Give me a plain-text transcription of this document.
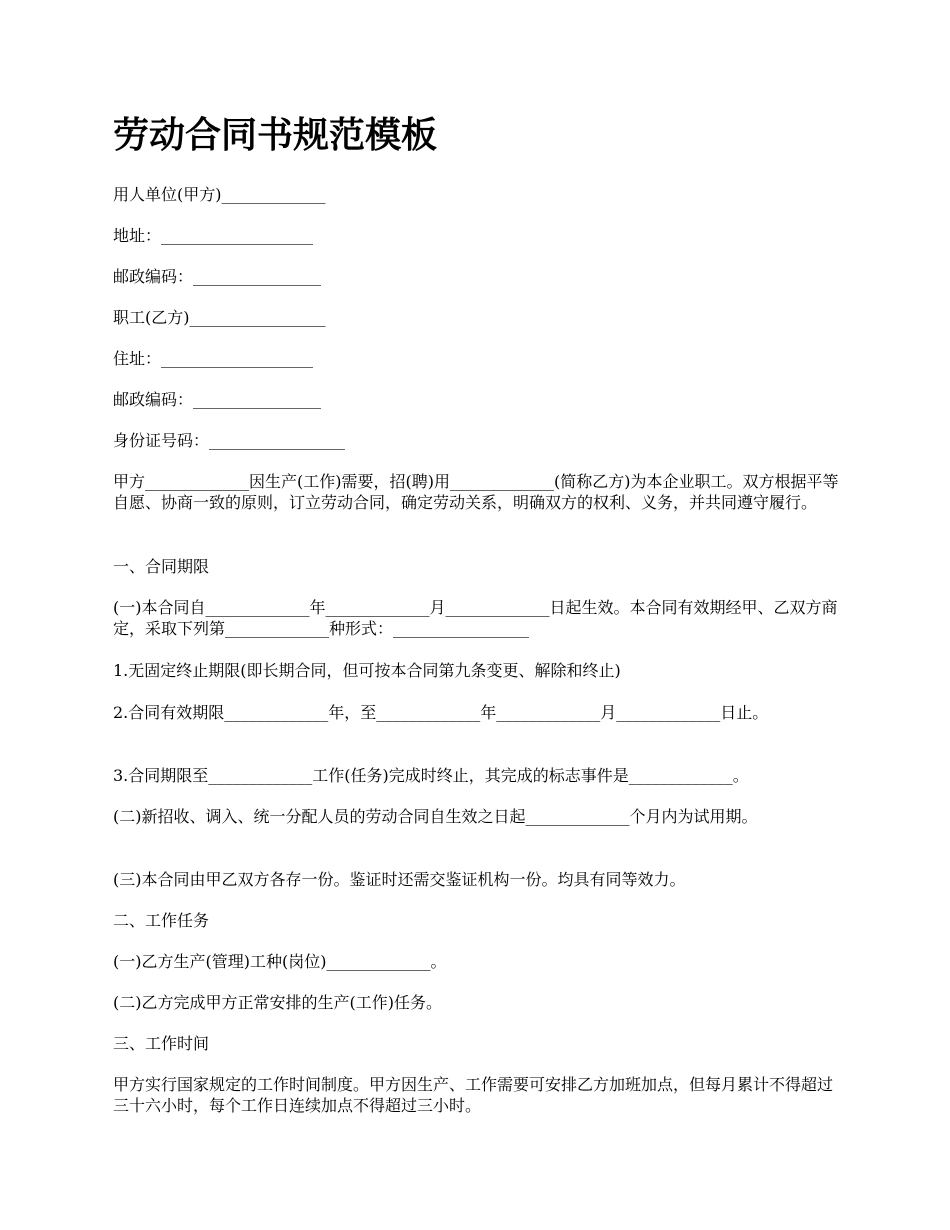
劳动合同书规范模板

用人单位(甲方)_____________

地址：___________________

邮政编码：________________

职工(乙方)_________________

住址：___________________

邮政编码：________________

身份证号码：_________________

甲方_____________因生产(工作)需要，招(聘)用_____________(简称乙方)为本企业职工。双方根据平等自愿、协商一致的原则，订立劳动合同，确定劳动关系，明确双方的权利、义务，并共同遵守履行。

一、合同期限

(一)本合同自_____________年_____________月_____________日起生效。本合同有效期经甲、乙双方商定，采取下列第_____________种形式：_________________

1.无固定终止期限(即长期合同，但可按本合同第九条变更、解除和终止)

2.合同有效期限_____________年，至_____________年_____________月_____________日止。

3.合同期限至_____________工作(任务)完成时终止，其完成的标志事件是_____________。

(二)新招收、调入、统一分配人员的劳动合同自生效之日起_____________个月内为试用期。

(三)本合同由甲乙双方各存一份。鉴证时还需交鉴证机构一份。均具有同等效力。

二、工作任务

(一)乙方生产(管理)工种(岗位)_____________。

(二)乙方完成甲方正常安排的生产(工作)任务。

三、工作时间

甲方实行国家规定的工作时间制度。甲方因生产、工作需要可安排乙方加班加点，但每月累计不得超过三十六小时，每个工作日连续加点不得超过三小时。
